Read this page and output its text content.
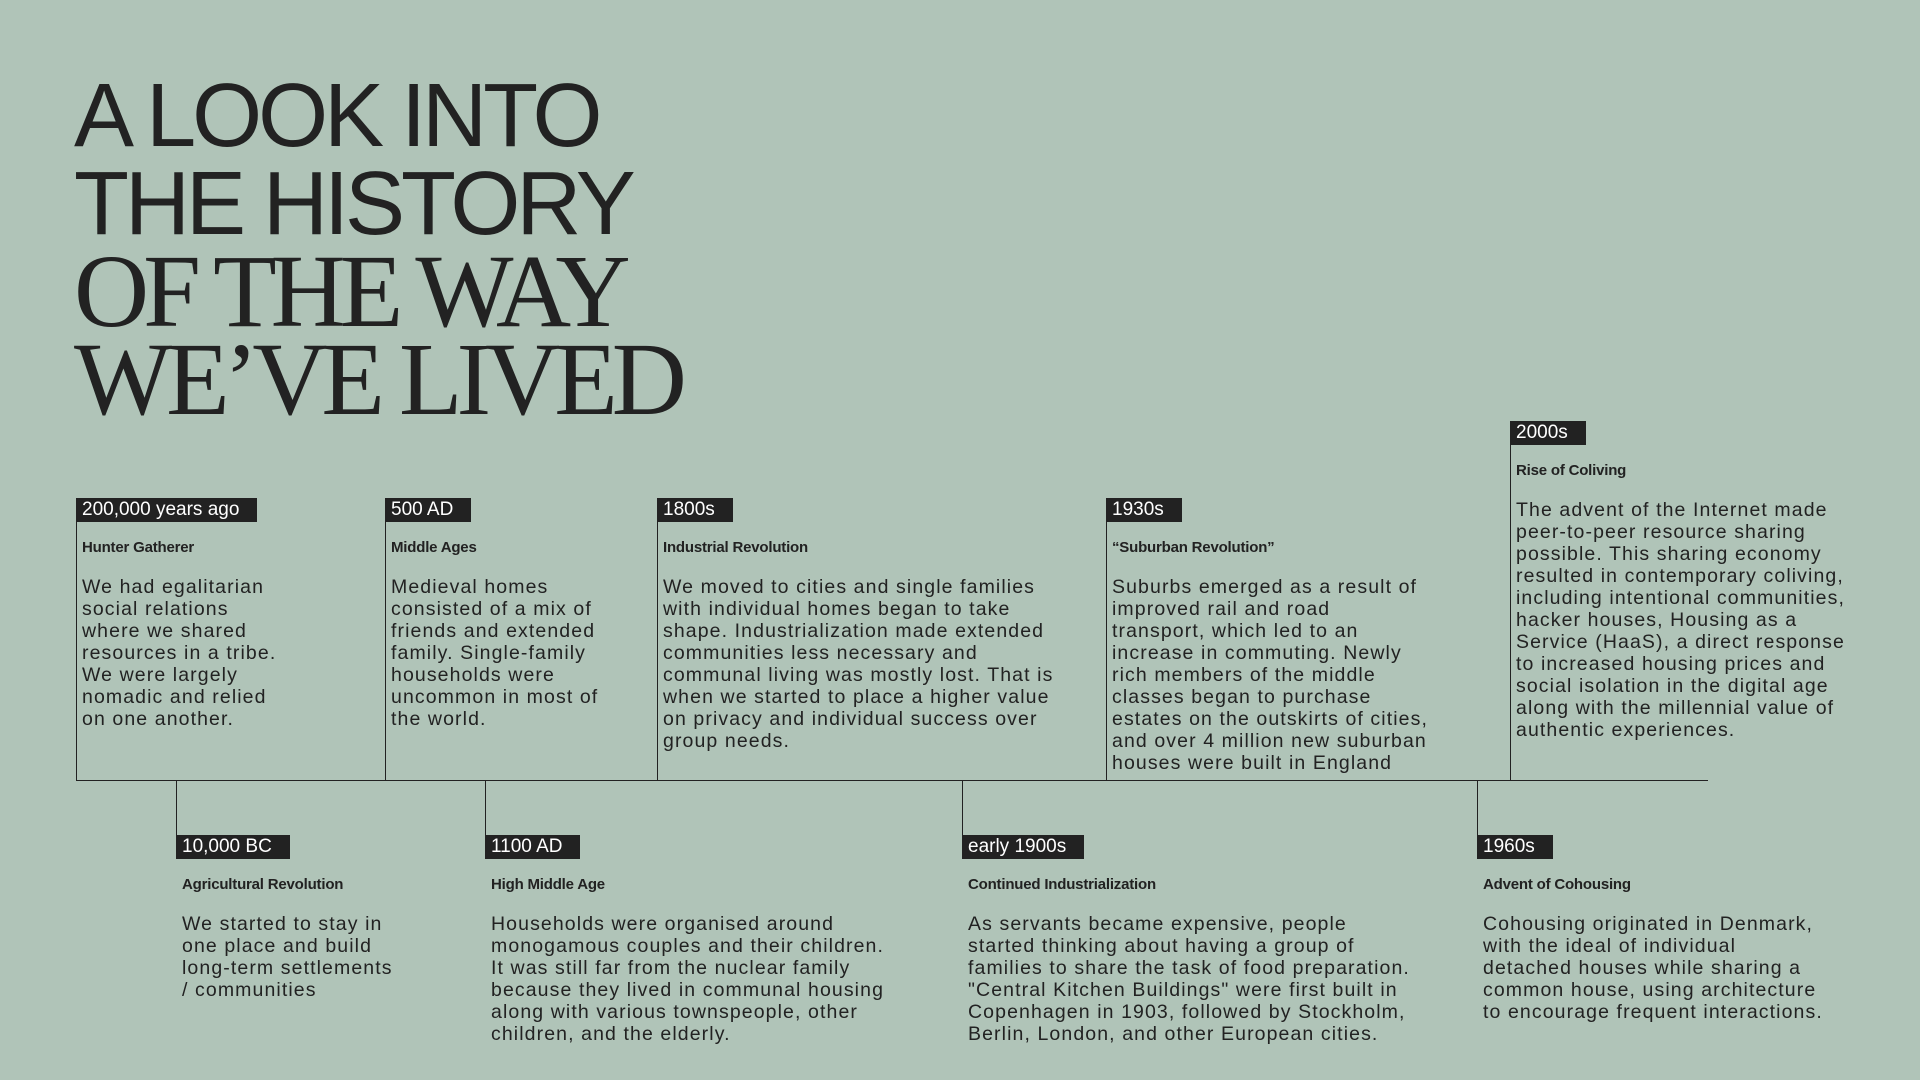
A LOOK INTO
THE HISTORY
OF THE WAY
WE’VE LIVED
200,000 years ago
Hunter Gatherer
We had egalitarian
social relations
where we shared
resources in a tribe.
We were largely
nomadic and relied
on one another.
500 AD
Middle Ages
Medieval homes
consisted of a mix of
friends and extended
family. Single-family
households were
uncommon in most of
the world.
1800s
Industrial Revolution
We moved to cities and single families
with individual homes began to take
shape. Industrialization made extended
communities less necessary and
communal living was mostly lost. That is
when we started to place a higher value
on privacy and individual success over
group needs.
1930s
“Suburban Revolution”
Suburbs emerged as a result of
improved rail and road
transport, which led to an
increase in commuting. Newly
rich members of the middle
classes began to purchase
estates on the outskirts of cities,
and over 4 million new suburban
houses were built in England
2000s
Rise of Coliving
The advent of the Internet made
peer-to-peer resource sharing
possible. This sharing economy
resulted in contemporary coliving,
including intentional communities,
hacker houses, Housing as a
Service (HaaS), a direct response
to increased housing prices and
social isolation in the digital age
along with the millennial value of
authentic experiences.
10,000 BC
Agricultural Revolution
We started to stay in
one place and build
long-term settlements
/ communities
1100 AD
High Middle Age
Households were organised around
monogamous couples and their children.
It was still far from the nuclear family
because they lived in communal housing
along with various townspeople, other
children, and the elderly.
early 1900s
Continued Industrialization
As servants became expensive, people
started thinking about having a group of
families to share the task of food preparation.
"Central Kitchen Buildings" were first built in
Copenhagen in 1903, followed by Stockholm,
Berlin, London, and other European cities.
1960s
Advent of Cohousing
Cohousing originated in Denmark,
with the ideal of individual
detached houses while sharing a
common house, using architecture
to encourage frequent interactions.
